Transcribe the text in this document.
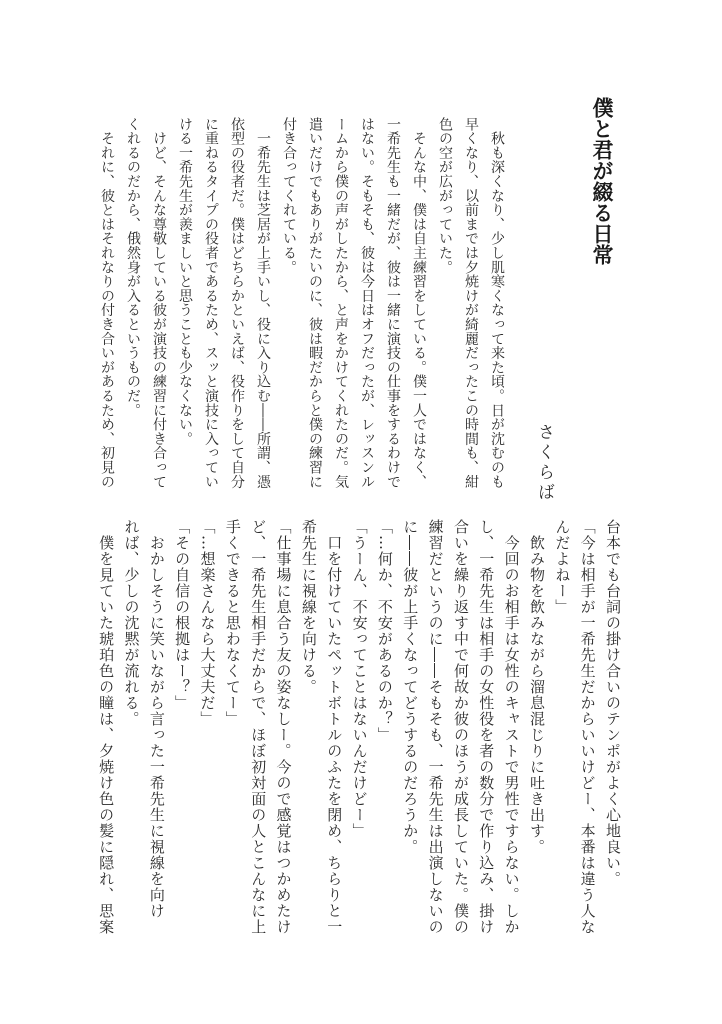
僕と君が綴る日常
さくらば
　秋も深くなり、少し肌寒くなって来た頃。日が沈むのも
早くなり、以前までは夕焼けが綺麗だったこの時間も、紺
色の空が広がっていた。
　そんな中、僕は自主練習をしている。僕一人ではなく、
一希先生も一緒だが、彼は一緒に演技の仕事をするわけで
はない。そもそも、彼は今日はオフだったが、レッスンル
ームから僕の声がしたから、と声をかけてくれたのだ。気
遣いだけでもありがたいのに、彼は暇だからと僕の練習に
付き合ってくれている。
　一希先生は芝居が上手いし、役に入り込む――所謂、憑
依型の役者だ。僕はどちらかといえば、役作りをして自分
に重ねるタイプの役者であるため、スッと演技に入ってい
ける一希先生が羨ましいと思うことも少なくない。
　けど、そんな尊敬している彼が演技の練習に付き合って
くれるのだから、俄然身が入るというものだ。
　それに、彼とはそれなりの付き合いがあるため、初見の
台本でも台詞の掛け合いのテンポがよく心地良い。
「今は相手が一希先生だからいいけどー、本番は違う人な
んだよねー」
　飲み物を飲みながら溜息混じりに吐き出す。
　今回のお相手は女性のキャストで男性ですらない。しか
し、一希先生は相手の女性役を者の数分で作り込み、掛け
合いを繰り返す中で何故か彼のほうが成長していた。僕の
練習だというのに――そもそも、一希先生は出演しないの
に――彼が上手くなってどうするのだろうか。
「…何か、不安があるのか？」
「うーん、不安ってことはないんだけどー」
　口を付けていたペットボトルのふたを閉め、ちらりと一
希先生に視線を向ける。
「仕事場に息合う友の姿なしー。今ので感覚はつかめたけ
ど、一希先生相手だからで、ほぼ初対面の人とこんなに上
手くできると思わなくてー」
「…想楽さんなら大丈夫だ」
「その自信の根拠はー？」
　おかしそうに笑いながら言った一希先生に視線を向け
れば、少しの沈黙が流れる。
　僕を見ていた琥珀色の瞳は、夕焼け色の髪に隠れ、思案
